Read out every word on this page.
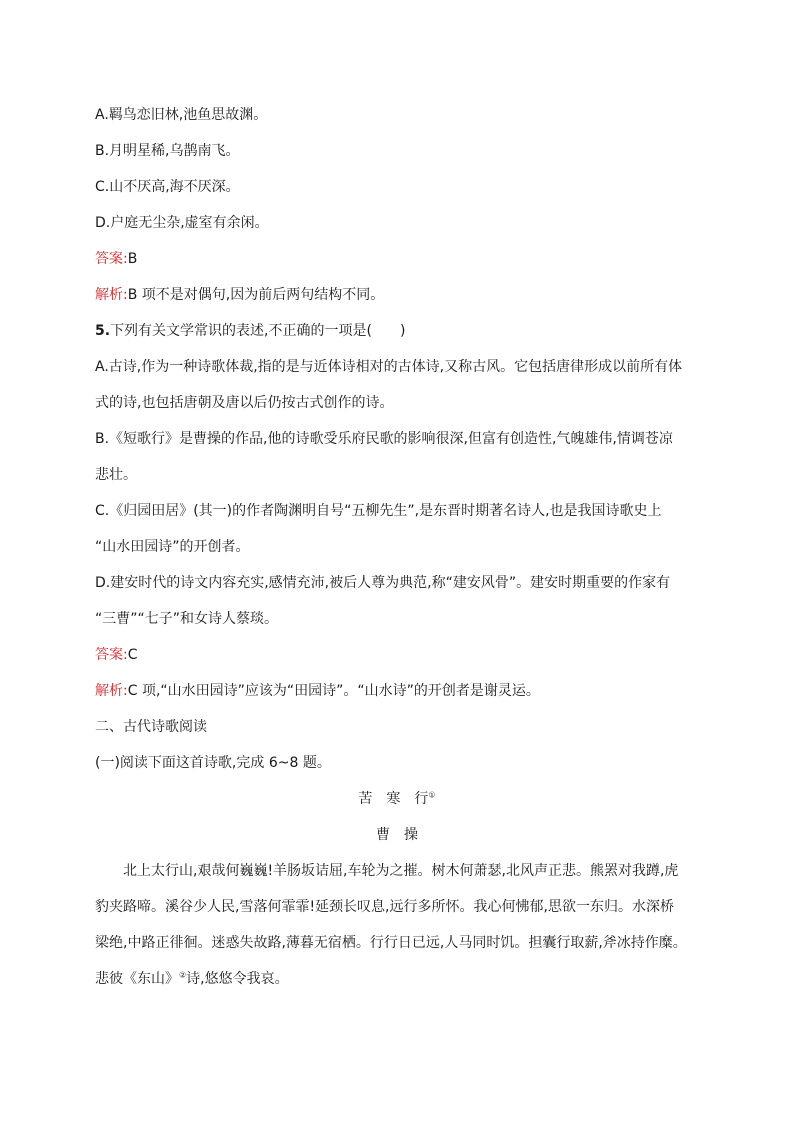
A.羁鸟恋旧林,池鱼思故渊。
B.月明星稀,乌鹊南飞。
C.山不厌高,海不厌深。
D.户庭无尘杂,虚室有余闲。
答案:B
解析:B 项不是对偶句,因为前后两句结构不同。
5.下列有关文学常识的表述,不正确的一项是(　　)
A.古诗,作为一种诗歌体裁,指的是与近体诗相对的古体诗,又称古风。它包括唐律形成以前所有体
式的诗,也包括唐朝及唐以后仍按古式创作的诗。
B.《短歌行》是曹操的作品,他的诗歌受乐府民歌的影响很深,但富有创造性,气魄雄伟,情调苍凉
悲壮。
C.《归园田居》(其一)的作者陶渊明自号“五柳先生”,是东晋时期著名诗人,也是我国诗歌史上
“山水田园诗”的开创者。
D.建安时代的诗文内容充实,感情充沛,被后人尊为典范,称“建安风骨”。建安时期重要的作家有
“三曹”“七子”和女诗人蔡琰。
答案:C
解析:C 项,“山水田园诗”应该为“田园诗”。“山水诗”的开创者是谢灵运。
二、古代诗歌阅读
(一)阅读下面这首诗歌,完成 6~8 题。
苦　寒　行①
曹　操
北上太行山,艰哉何巍巍!羊肠坂诘屈,车轮为之摧。树木何萧瑟,北风声正悲。熊罴对我蹲,虎
豹夹路啼。溪谷少人民,雪落何霏霏!延颈长叹息,远行多所怀。我心何怫郁,思欲一东归。水深桥
梁绝,中路正徘徊。迷惑失故路,薄暮无宿栖。行行日已远,人马同时饥。担囊行取薪,斧冰持作糜。
悲彼《东山》②诗,悠悠令我哀。
